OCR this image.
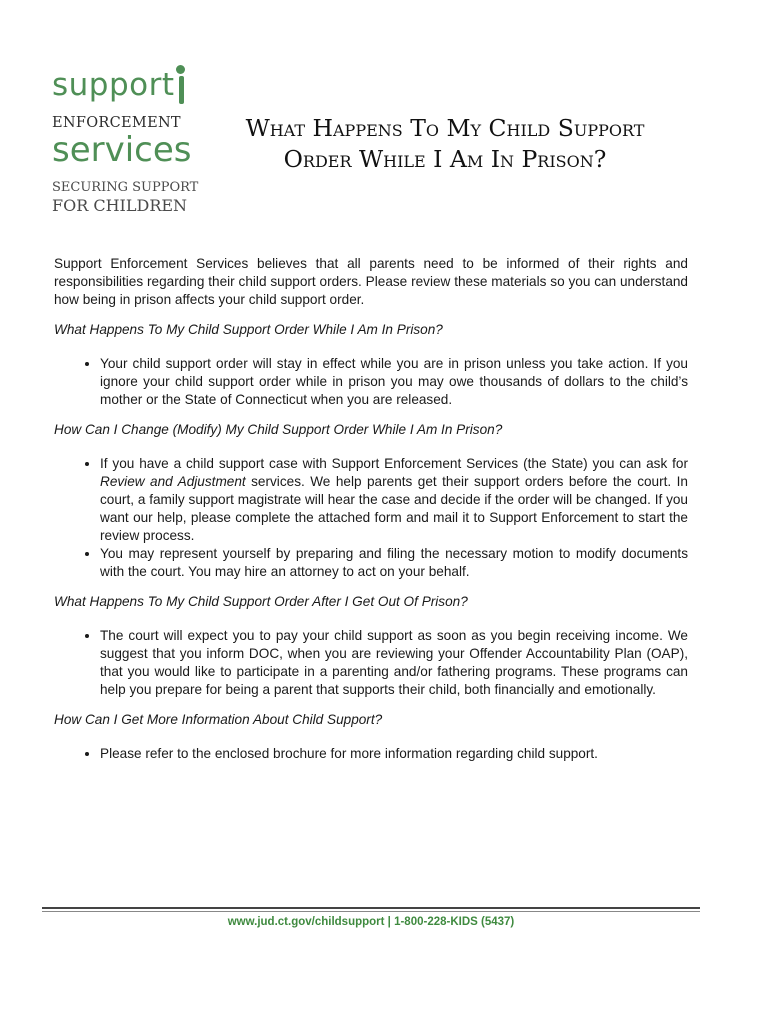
support
ENFORCEMENT
services
SECURING SUPPORT
FOR CHILDREN
What Happens To My Child Support
Order While I Am In Prison?

Support Enforcement Services believes that all parents need to be informed of their rights and responsibilities regarding their child support orders. Please review these materials so you can understand how being in prison affects your child support order.

What Happens To My Child Support Order While I Am In Prison?

• Your child support order will stay in effect while you are in prison unless you take action. If you ignore your child support order while in prison you may owe thousands of dollars to the child’s mother or the State of Connecticut when you are released.

How Can I Change (Modify) My Child Support Order While I Am In Prison?

• If you have a child support case with Support Enforcement Services (the State) you can ask for Review and Adjustment services. We help parents get their support orders before the court. In court, a family support magistrate will hear the case and decide if the order will be changed. If you want our help, please complete the attached form and mail it to Support Enforcement to start the review process.
• You may represent yourself by preparing and filing the necessary motion to modify documents with the court. You may hire an attorney to act on your behalf.

What Happens To My Child Support Order After I Get Out Of Prison?

• The court will expect you to pay your child support as soon as you begin receiving income. We suggest that you inform DOC, when you are reviewing your Offender Accountability Plan (OAP), that you would like to participate in a parenting and/or fathering programs. These programs can help you prepare for being a parent that supports their child, both financially and emotionally.

How Can I Get More Information About Child Support?

• Please refer to the enclosed brochure for more information regarding child support.
www.jud.ct.gov/childsupport | 1-800-228-KIDS (5437)
